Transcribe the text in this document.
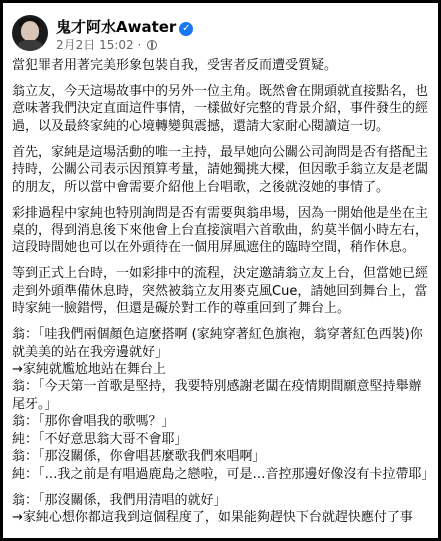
鬼才阿水Awater ✓
2月2日 15:02 ·

當犯罪者用著完美形象包裝自我，受害者反而遭受質疑。

翁立友，今天這場故事中的另外一位主角。既然會在開頭就直接點名，也意味著我們決定直面這件事情，一樣做好完整的背景介紹，事件發生的經過，以及最終家純的心境轉變與震撼，還請大家耐心閱讀這一切。

首先，家純是這場活動的唯一主持，最早她向公關公司詢問是否有搭配主持時，公關公司表示因預算考量，請她獨挑大樑，但因歌手翁立友是老闆的朋友，所以當中會需要介紹他上台唱歌，之後就沒她的事情了。

彩排過程中家純也特別詢問是否有需要與翁串場，因為一開始他是坐在主桌的，得到消息後下來他會上台直接演唱六首歌曲，約莫半個小時左右，這段時間她也可以在外頭待在一個用屏風遮住的臨時空間，稍作休息。

等到正式上台時，一如彩排中的流程，決定邀請翁立友上台，但當她已經走到外頭準備休息時，突然被翁立友用麥克風Cue，請她回到舞台上，當時家純一臉錯愕，但還是礙於對工作的尊重回到了舞台上。

翁：「哇我們兩個顏色這麼搭啊 (家純穿著紅色旗袍，翁穿著紅色西裝)你就美美的站在我旁邊就好」
→家純就尷尬地站在舞台上
翁：「今天第一首歌是堅持，我要特別感謝老闆在疫情期間願意堅持舉辦尾牙。」
翁：「那你會唱我的歌嗎？」
純：「不好意思翁大哥不會耶」
翁：「那沒關係，你會唱甚麼歌我們來唱啊」
純：「…我之前是有唱過鹿島之戀啦，可是…音控那邊好像沒有卡拉帶耶」
翁：「那沒關係，我們用清唱的就好」
→家純心想你都這我到這個程度了，如果能夠趕快下台就趕快應付了事
